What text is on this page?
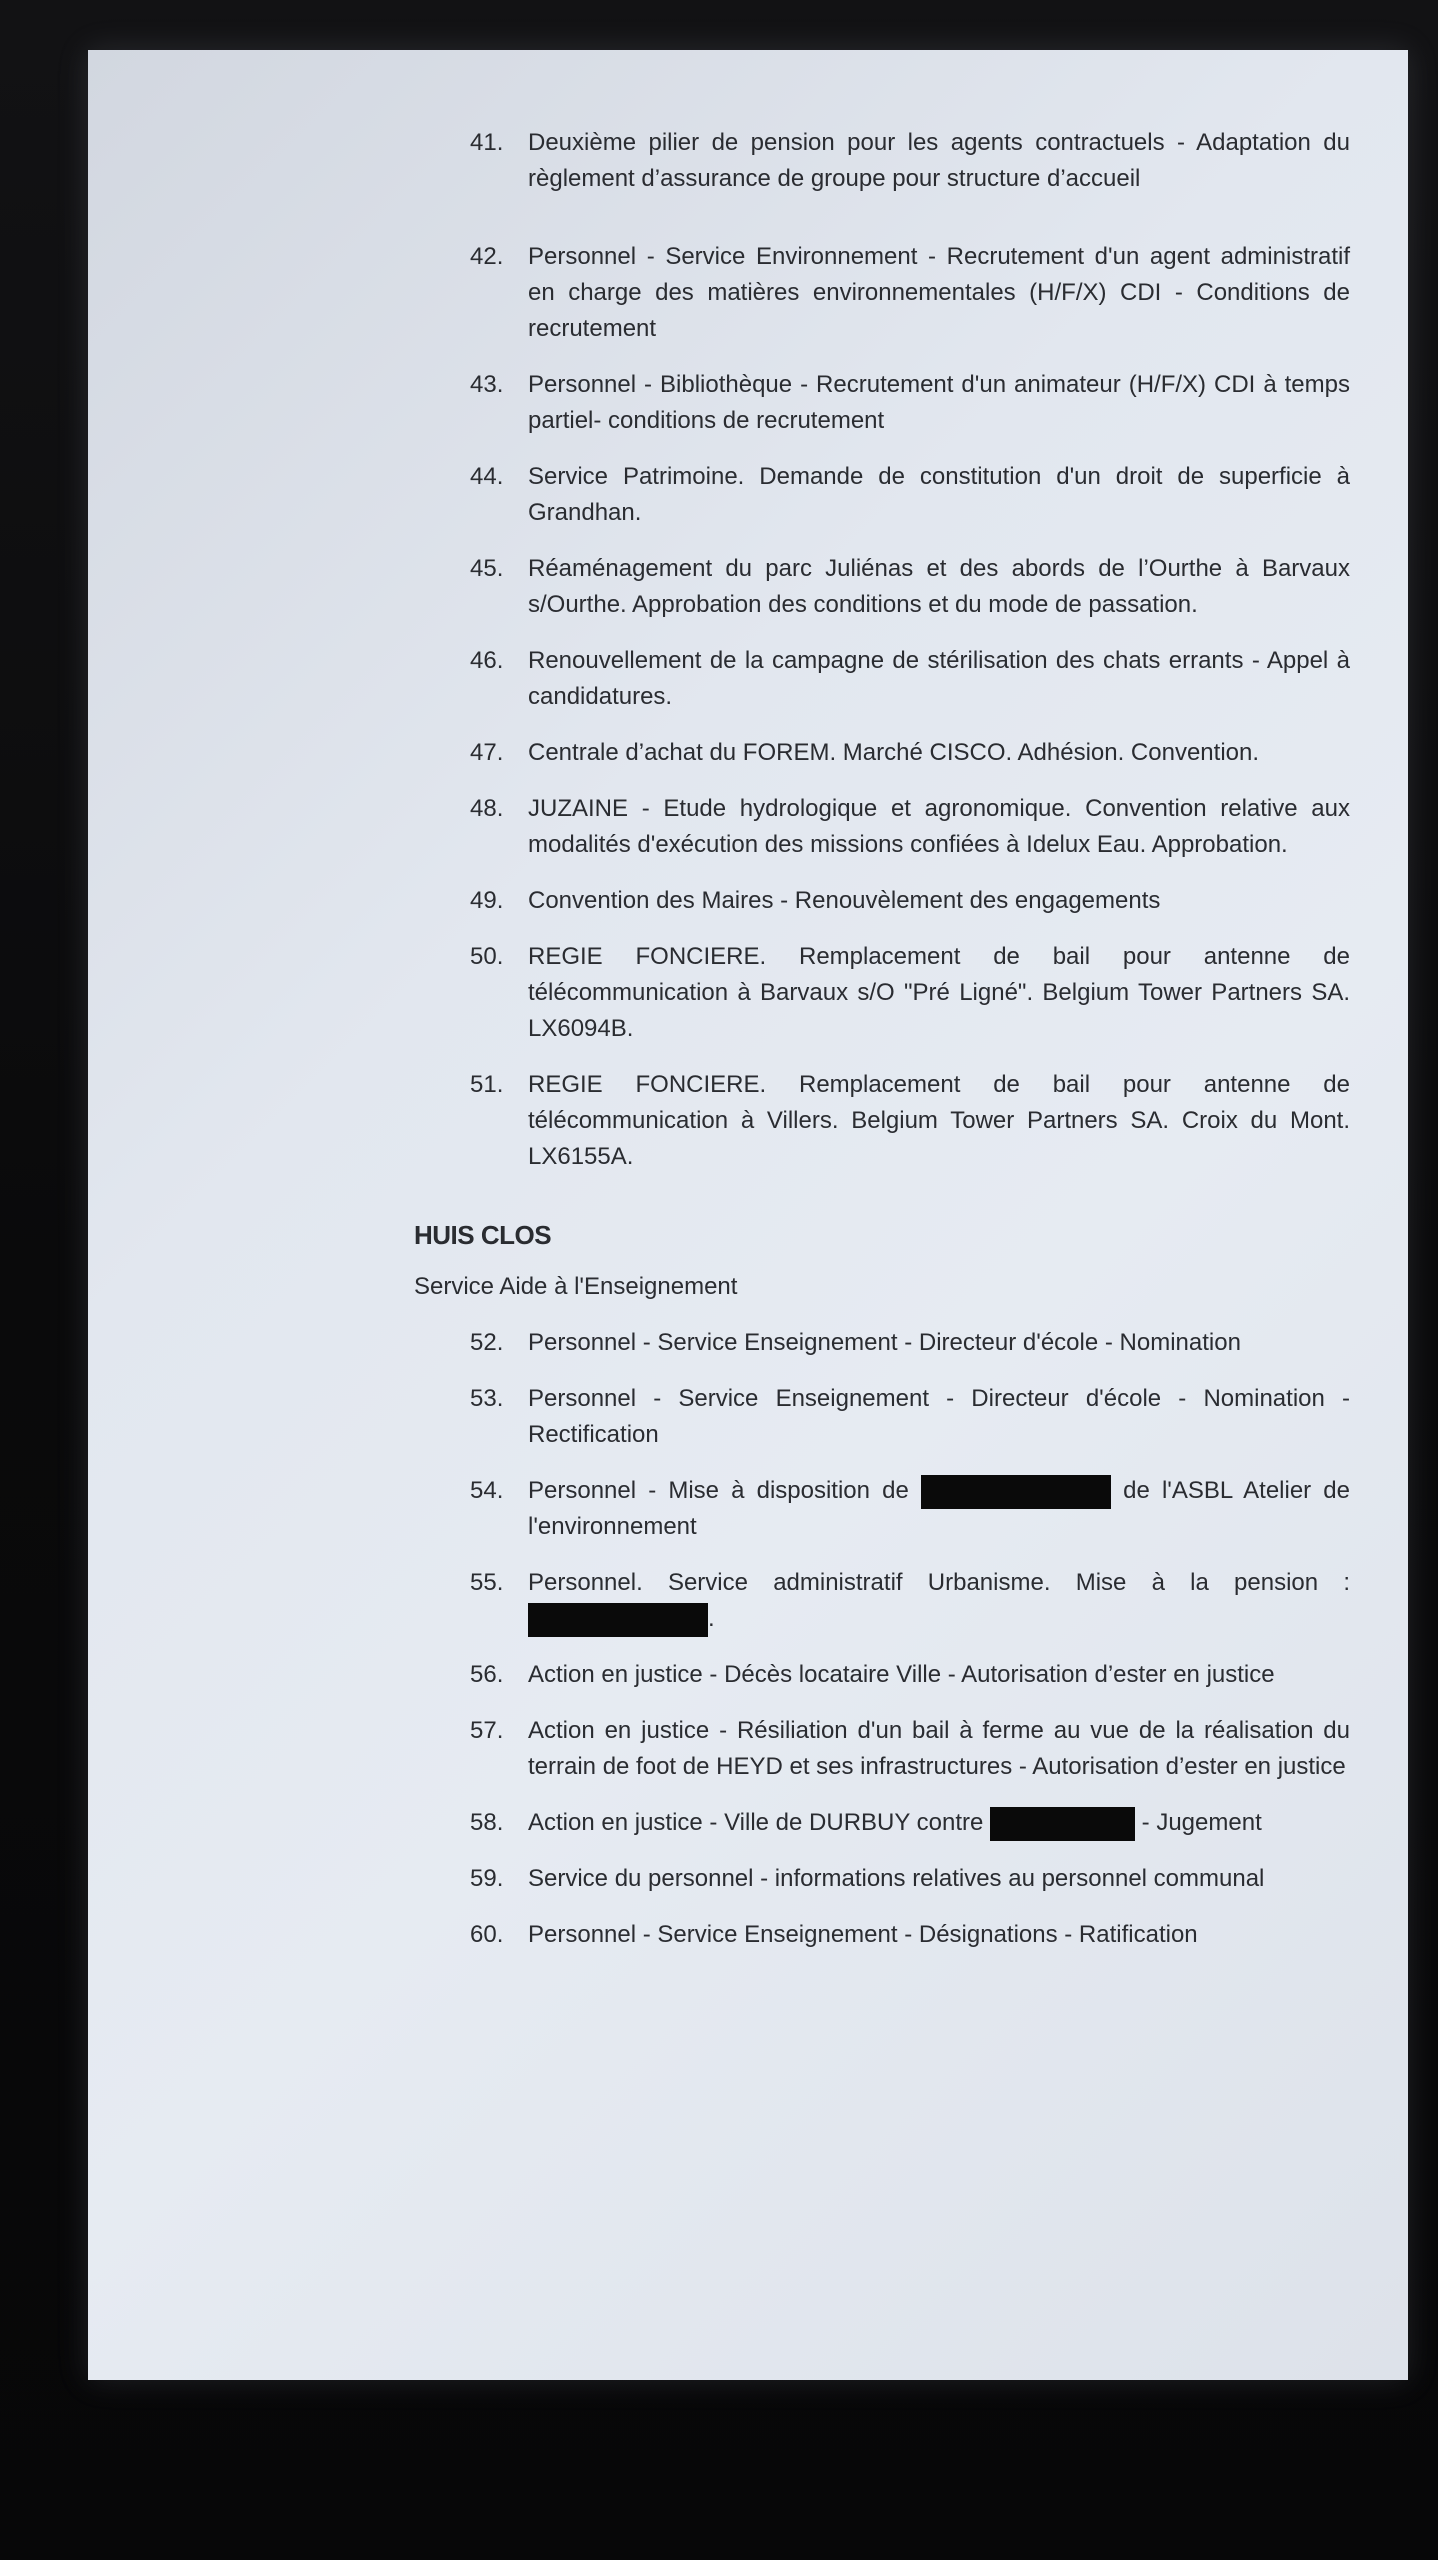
41. Deuxième pilier de pension pour les agents contractuels - Adaptation du règlement d’assurance de groupe pour structure d’accueil
42. Personnel - Service Environnement - Recrutement d'un agent administratif en charge des matières environnementales (H/F/X) CDI - Conditions de recrutement
43. Personnel - Bibliothèque - Recrutement d'un animateur (H/F/X) CDI à temps partiel- conditions de recrutement
44. Service Patrimoine. Demande de constitution d'un droit de superficie à Grandhan.
45. Réaménagement du parc Juliénas et des abords de l’Ourthe à Barvaux s/Ourthe. Approbation des conditions et du mode de passation.
46. Renouvellement de la campagne de stérilisation des chats errants - Appel à candidatures.
47. Centrale d’achat du FOREM. Marché CISCO. Adhésion. Convention.
48. JUZAINE - Etude hydrologique et agronomique. Convention relative aux modalités d'exécution des missions confiées à Idelux Eau. Approbation.
49. Convention des Maires - Renouvèlement des engagements
50. REGIE FONCIERE. Remplacement de bail pour antenne de télécommunication à Barvaux s/O "Pré Ligné". Belgium Tower Partners SA. LX6094B.
51. REGIE FONCIERE. Remplacement de bail pour antenne de télécommunication à Villers. Belgium Tower Partners SA. Croix du Mont. LX6155A.
HUIS CLOS
Service Aide à l'Enseignement
52. Personnel - Service Enseignement - Directeur d'école - Nomination
53. Personnel - Service Enseignement - Directeur d'école - Nomination - Rectification
54. Personnel - Mise à disposition de	de l'ASBL Atelier de l'environnement
55. Personnel. Service administratif Urbanisme. Mise à la pension : .
56. Action en justice - Décès locataire Ville - Autorisation d’ester en justice
57. Action en justice - Résiliation d'un bail à ferme au vue de la réalisation du terrain de foot de HEYD et ses infrastructures - Autorisation d’ester en justice
58. Action en justice - Ville de DURBUY contre	- Jugement
59. Service du personnel - informations relatives au personnel communal
60. Personnel - Service Enseignement - Désignations - Ratification
